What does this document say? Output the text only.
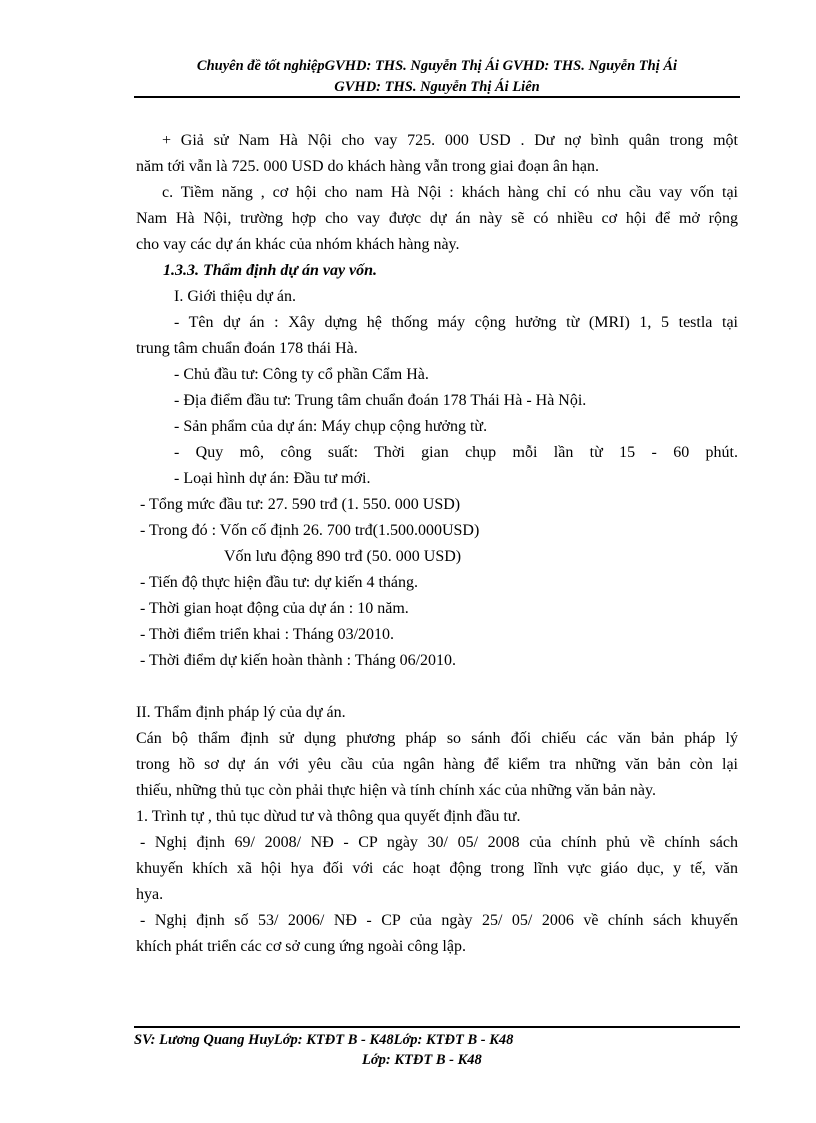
Chuyên đề tốt nghiệpGVHD: THS. Nguyễn Thị Ái GVHD: THS. Nguyễn Thị Ái
GVHD: THS. Nguyễn Thị Ái Liên

+ Giả sử Nam Hà Nội cho vay 725. 000 USD . Dư nợ bình quân trong một

năm tới vẫn là 725. 000 USD do khách hàng vẫn trong giai đoạn ân hạn.

c. Tiềm năng , cơ hội cho nam Hà Nội : khách hàng chỉ có nhu cầu vay vốn tại

Nam Hà Nội, trường hợp cho vay được dự án này sẽ có nhiều cơ hội để mở rộng

cho vay các dự án khác của nhóm khách hàng này.

1.3.3. Thẩm định dự án vay vốn.

I. Giới thiệu dự án.

- Tên dự án : Xây dựng hệ thống máy cộng hưởng từ (MRI) 1, 5 testla tại

trung tâm chuẩn đoán 178 thái Hà.

- Chủ đầu tư: Công ty cổ phần Cẩm Hà.

- Địa điểm đầu tư: Trung tâm chuẩn đoán 178 Thái Hà - Hà Nội.

- Sản phẩm của dự án: Máy chụp cộng hưởng từ.

- Quy mô, công suất: Thời gian chụp mỗi lần từ 15 - 60 phút.

- Loại hình dự án: Đầu tư mới.

- Tổng mức đầu tư: 27. 590 trđ (1. 550. 000 USD)

- Trong đó : Vốn cố định 26. 700 trđ(1.500.000USD)

Vốn lưu động 890 trđ (50. 000 USD)

- Tiến độ thực hiện đầu tư: dự kiến 4 tháng.

- Thời gian hoạt động của dự án : 10 năm.

- Thời điểm triển khai : Tháng 03/2010.

- Thời điểm dự kiến hoàn thành : Tháng 06/2010.

II. Thẩm định pháp lý của dự án.

Cán bộ thẩm định sử dụng phương pháp so sánh đối chiếu các văn bản pháp lý

trong hồ sơ dự án với yêu cầu của ngân hàng để kiểm tra những văn bản còn lại

thiếu, những thủ tục còn phải thực hiện và tính chính xác của những văn bản này.

1. Trình tự , thủ tục dừud tư và thông qua quyết định đầu tư.

- Nghị định 69/ 2008/ NĐ - CP ngày 30/ 05/ 2008 của chính phủ về chính sách

khuyến khích xã hội hya đối với các hoạt động trong lĩnh vực giáo dục, y tế, văn

hya.

- Nghị định số 53/ 2006/ NĐ - CP của ngày 25/ 05/ 2006 về chính sách khuyến

khích phát triển các cơ sở cung ứng ngoài công lập.

SV: Lương Quang HuyLớp: KTĐT B - K48Lớp: KTĐT B - K48
Lớp: KTĐT B - K48
